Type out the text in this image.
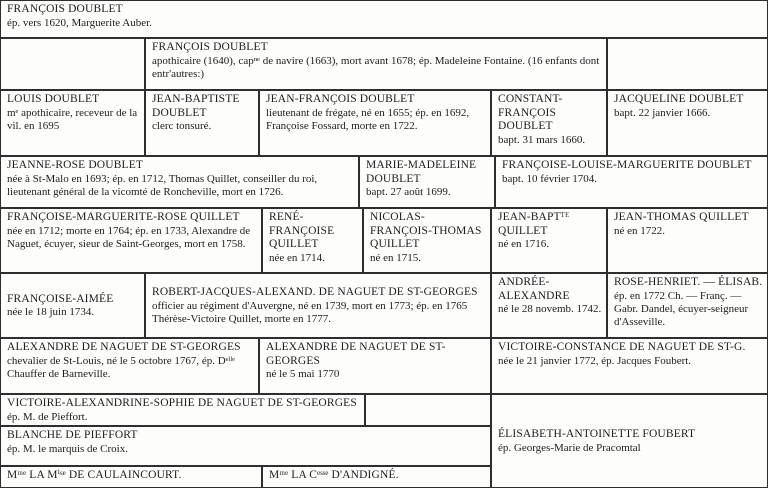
FRANÇOIS DOUBLET
ép. vers 1620, Marguerite Auber.
FRANÇOIS DOUBLET
apothicaire (1640), capⁿᵉ de navire (1663), mort avant 1678; ép. Madeleine Fontaine. (16 enfants dont entr'autres:)
LOUIS DOUBLET
mᵉ apothicaire, receveur de la vil. en 1695
JEAN-BAPTISTE DOUBLET
clerc tonsuré.
JEAN-FRANÇOIS DOUBLET
lieutenant de frégate, né en 1655; ép. en 1692, Françoise Fossard, morte en 1722.
CONSTANT-FRANÇOIS DOUBLET
bapt. 31 mars 1660.
JACQUELINE DOUBLET
bapt. 22 janvier 1666.
JEANNE-ROSE DOUBLET
née à St-Malo en 1693; ép. en 1712, Thomas Quillet, conseiller du roi, lieutenant général de la vicomté de Roncheville, mort en 1726.
MARIE-MADELEINE DOUBLET
bapt. 27 août 1699.
FRANÇOISE-LOUISE-MARGUERITE DOUBLET
bapt. 10 février 1704.
FRANÇOISE-MARGUERITE-ROSE QUILLET
née en 1712; morte en 1764; ép. en 1733, Alexandre de Naguet, écuyer, sieur de Saint-Georges, mort en 1758.
RENÉ-FRANÇOISE QUILLET
née en 1714.
NICOLAS-FRANÇOIS-THOMAS QUILLET
né en 1715.
JEAN-BAPTᵀᴱ QUILLET
né en 1716.
JEAN-THOMAS QUILLET
né en 1722.
FRANÇOISE-AIMÉE
née le 18 juin 1734.
ROBERT-JACQUES-ALEXAND. DE NAGUET DE ST-GEORGES
officier au régiment d'Auvergne, né en 1739, mort en 1773; ép. en 1765 Thérèse-Victoire Quillet, morte en 1777.
ANDRÉE-ALEXANDRE
né le 28 novemb. 1742.
ROSE-HENRIET. — ÉLISAB.
ép. en 1772 Ch. — Franç. — Gabr. Dandel, écuyer-seigneur d'Asseville.
ALEXANDRE DE NAGUET DE ST-GEORGES
chevalier de St-Louis, né le 5 octobre 1767, ép. Dᵉˡˡᵉ Chauffer de Barneville.
ALEXANDRE DE NAGUET DE ST-GEORGES
né le 5 mai 1770
VICTOIRE-CONSTANCE DE NAGUET DE ST-G.
née le 21 janvier 1772, ép. Jacques Foubert.
VICTOIRE-ALEXANDRINE-SOPHIE DE NAGUET DE ST-GEORGES
ép. M. de Pieffort.
ÉLISABETH-ANTOINETTE FOUBERT
ép. Georges-Marie de Pracomtal
BLANCHE DE PIEFFORT
ép. M. le marquis de Croix.
Mᵐᵉ LA Mⁱˢᵉ DE CAULAINCOURT.	Mᵐᵉ LA Cᵉˢˢᵉ D'ANDIGNÉ.
